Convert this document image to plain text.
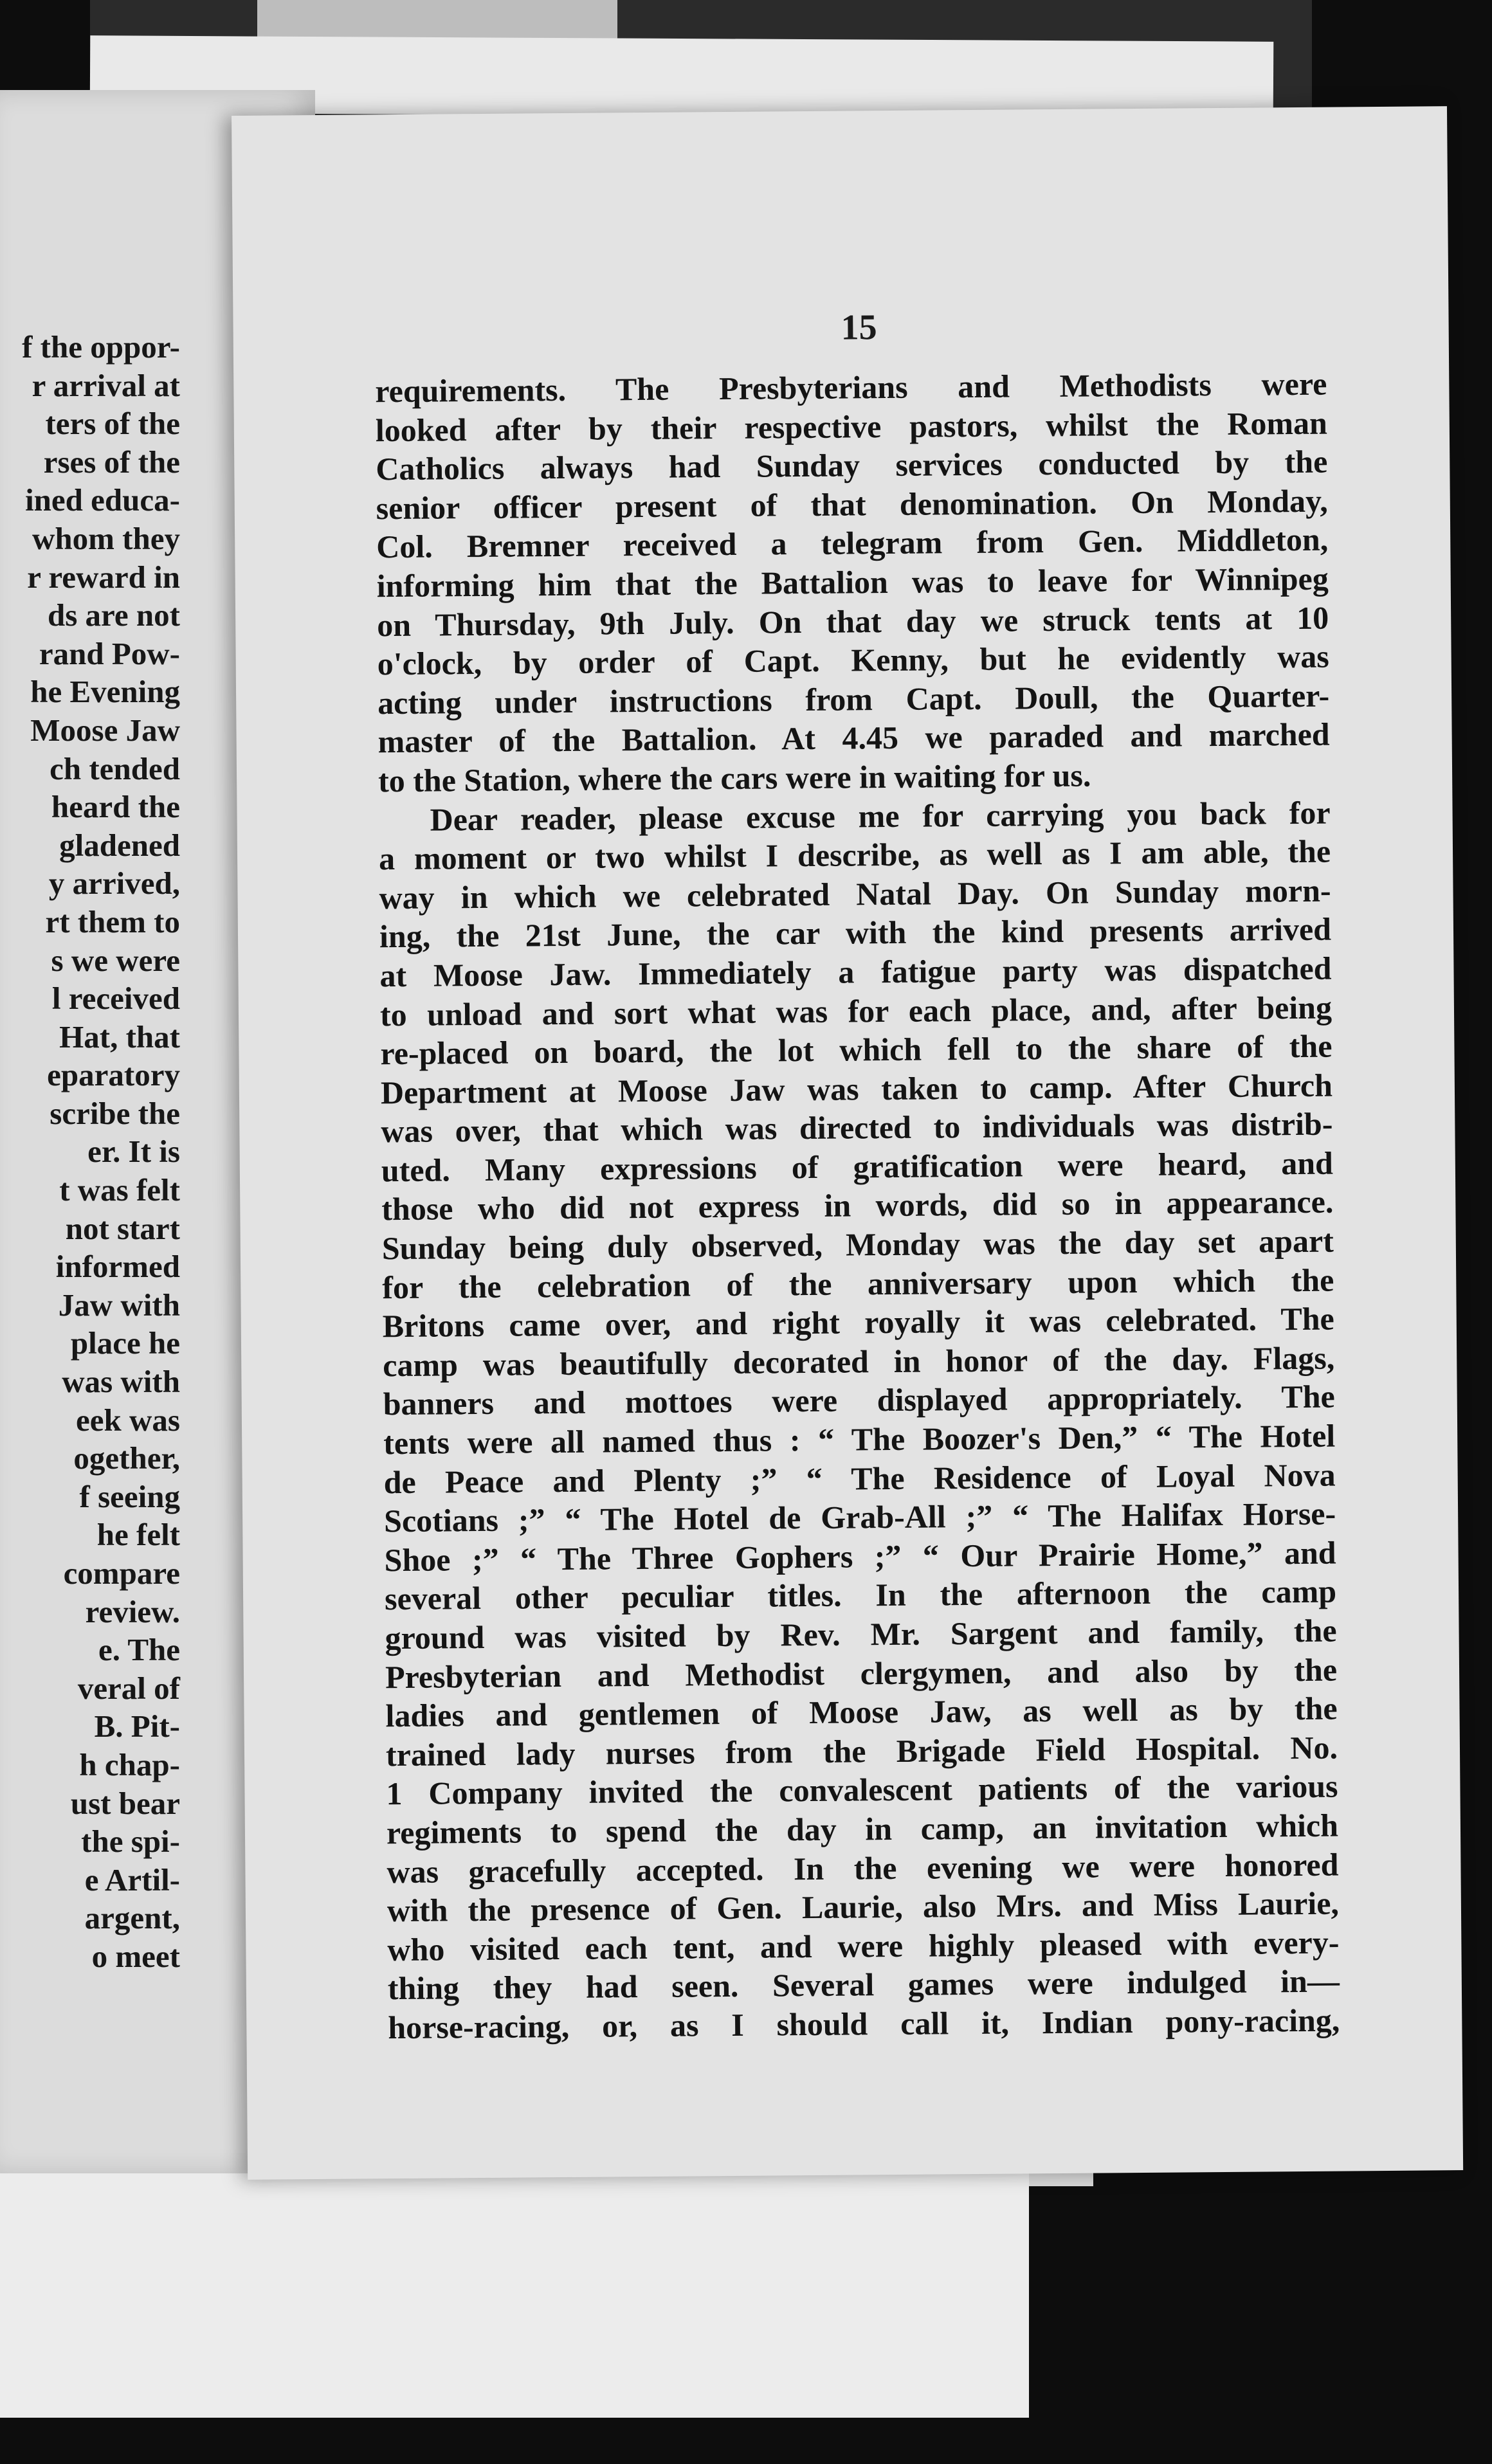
f the oppor-
r arrival at
ters of the
rses of the
ined educa-
whom they
r reward in
ds are not
rand Pow-
he Evening
Moose Jaw
ch tended
heard the
gladened
y arrived,
rt them to
s we were
l received
Hat, that
eparatory
scribe the
er. It is
t was felt
not start
informed
Jaw with
place he
was with
eek was
ogether,
f seeing
he felt
compare
review.
e. The
veral of
B. Pit-
h chap-
ust bear
the spi-
e Artil-
argent,
o meet
15
requirements. The Presbyterians and Methodists were
looked after by their respective pastors, whilst the Roman
Catholics always had Sunday services conducted by the
senior officer present of that denomination. On Monday,
Col. Bremner received a telegram from Gen. Middleton,
informing him that the Battalion was to leave for Winnipeg
on Thursday, 9th July. On that day we struck tents at 10
o'clock, by order of Capt. Kenny, but he evidently was
acting under instructions from Capt. Doull, the Quarter-
master of the Battalion. At 4.45 we paraded and marched
to the Station, where the cars were in waiting for us.
Dear reader, please excuse me for carrying you back for
a moment or two whilst I describe, as well as I am able, the
way in which we celebrated Natal Day. On Sunday morn-
ing, the 21st June, the car with the kind presents arrived
at Moose Jaw. Immediately a fatigue party was dispatched
to unload and sort what was for each place, and, after being
re-placed on board, the lot which fell to the share of the
Department at Moose Jaw was taken to camp. After Church
was over, that which was directed to individuals was distrib-
uted. Many expressions of gratification were heard, and
those who did not express in words, did so in appearance.
Sunday being duly observed, Monday was the day set apart
for the celebration of the anniversary upon which the
Britons came over, and right royally it was celebrated. The
camp was beautifully decorated in honor of the day. Flags,
banners and mottoes were displayed appropriately. The
tents were all named thus : “ The Boozer's Den,” “ The Hotel
de Peace and Plenty ;” “ The Residence of Loyal Nova
Scotians ;” “ The Hotel de Grab-All ;” “ The Halifax Horse-
Shoe ;” “ The Three Gophers ;” “ Our Prairie Home,” and
several other peculiar titles. In the afternoon the camp
ground was visited by Rev. Mr. Sargent and family, the
Presbyterian and Methodist clergymen, and also by the
ladies and gentlemen of Moose Jaw, as well as by the
trained lady nurses from the Brigade Field Hospital. No.
1 Company invited the convalescent patients of the various
regiments to spend the day in camp, an invitation which
was gracefully accepted. In the evening we were honored
with the presence of Gen. Laurie, also Mrs. and Miss Laurie,
who visited each tent, and were highly pleased with every-
thing they had seen. Several games were indulged in—
horse-racing, or, as I should call it, Indian pony-racing,
